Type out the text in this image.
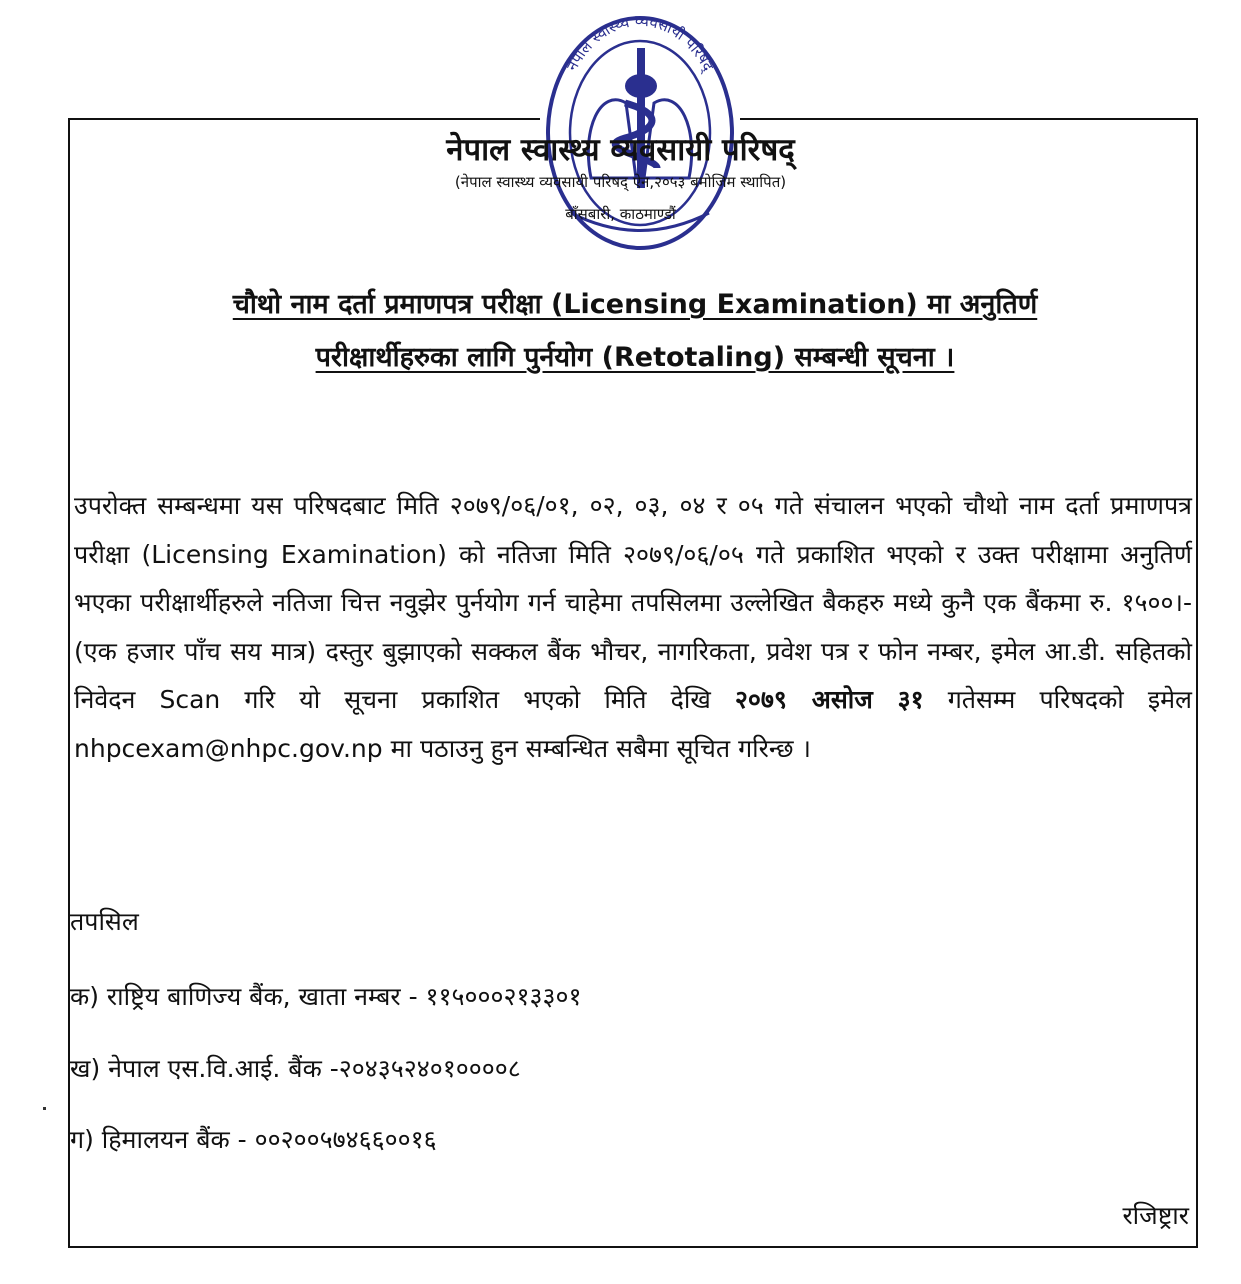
नेपाल स्वास्थ्य व्यवसायी परिषद्
नेपाल स्वास्थ्य व्यवसायी परिषद्
(नेपाल स्वास्थ्य व्यवसायी परिषद् ऐन,२०५३ बमोजिम स्थापित)
बाँसबारी, काठमाण्डौं
चौथो नाम दर्ता प्रमाणपत्र परीक्षा (Licensing Examination) मा अनुतिर्ण
परीक्षार्थीहरुका लागि पुर्नयोग (Retotaling) सम्बन्धी सूचना ।
उपरोक्त सम्बन्धमा यस परिषदबाट मिति २०७९/०६/०१, ०२, ०३, ०४ र ०५ गते संचालन भएको चौथो नाम दर्ता प्रमाणपत्र परीक्षा (Licensing Examination) को नतिजा मिति २०७९/०६/०५ गते प्रकाशित भएको र उक्त परीक्षामा अनुतिर्ण भएका परीक्षार्थीहरुले नतिजा चित्त नवुझेर पुर्नयोग गर्न चाहेमा तपसिलमा उल्लेखित बैकहरु मध्ये कुनै एक बैंकमा रु. १५००।- (एक हजार पाँच सय मात्र) दस्तुर बुझाएको सक्कल बैंक भौचर, नागरिकता, प्रवेश पत्र र फोन नम्बर, इमेल आ.डी. सहितको निवेदन Scan गरि यो सूचना प्रकाशित भएको मिति देखि २०७९ असोज ३१ गतेसम्म परिषदको इमेल nhpcexam@nhpc.gov.np मा पठाउनु हुन सम्बन्धित सबैमा सूचित गरिन्छ ।
तपसिल
क) राष्ट्रिय बाणिज्य बैंक, खाता नम्बर - ११५०००२१३३०१
ख) नेपाल एस.वि.आई. बैंक -२०४३५२४०१००००८
ग) हिमालयन बैंक - ००२००५७४६६००१६
रजिष्ट्रार
